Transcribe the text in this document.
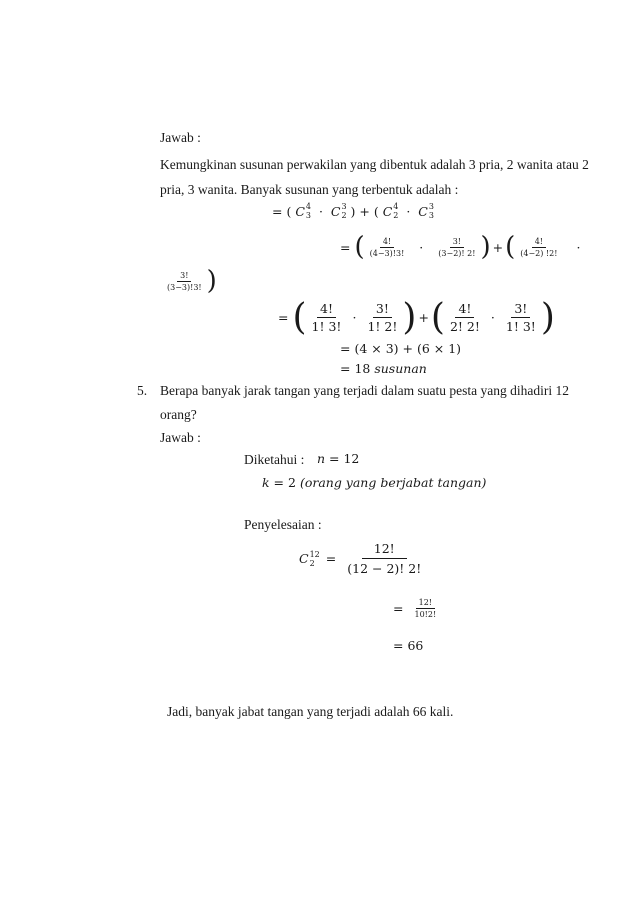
Jawab :
Kemungkinan susunan perwakilan yang dibentuk adalah 3 pria, 2 wanita atau 2
pria, 3 wanita. Banyak susunan yang terbentuk adalah :
= (
C 4
3
·
C 3
2
) + (
C 4
2
·
C 3
3
= ( $\frac{4!}{(4-3)!3!} \cdot \frac{3!}{(3-2)! 2!}$ ) + ( $\frac{4!}{(4-2) !2!}$ ·
$\frac{3!}{(3-3)!3!}$ )
= ( $\frac{4!}{1! 3!} \cdot \frac{3!}{1! 2!}$ ) + ( $\frac{4!}{2! 2!} \cdot \frac{3!}{1! 3!}$ )
= (4 × 3) + (6 × 1)
= 18 susunan
5. Berapa banyak jarak tangan yang terjadi dalam suatu pesta yang dihadiri 12
orang?
Jawab :
Diketahui : n = 12
k = 2 (orang yang berjabat tangan)
Penyelesaian :
C 12
$2 = \frac{12!}{(12 - 2)! 2!}$
= $\frac{12!}{10!2!}$
= 66
Jadi, banyak jabat tangan yang terjadi adalah 66 kali.
